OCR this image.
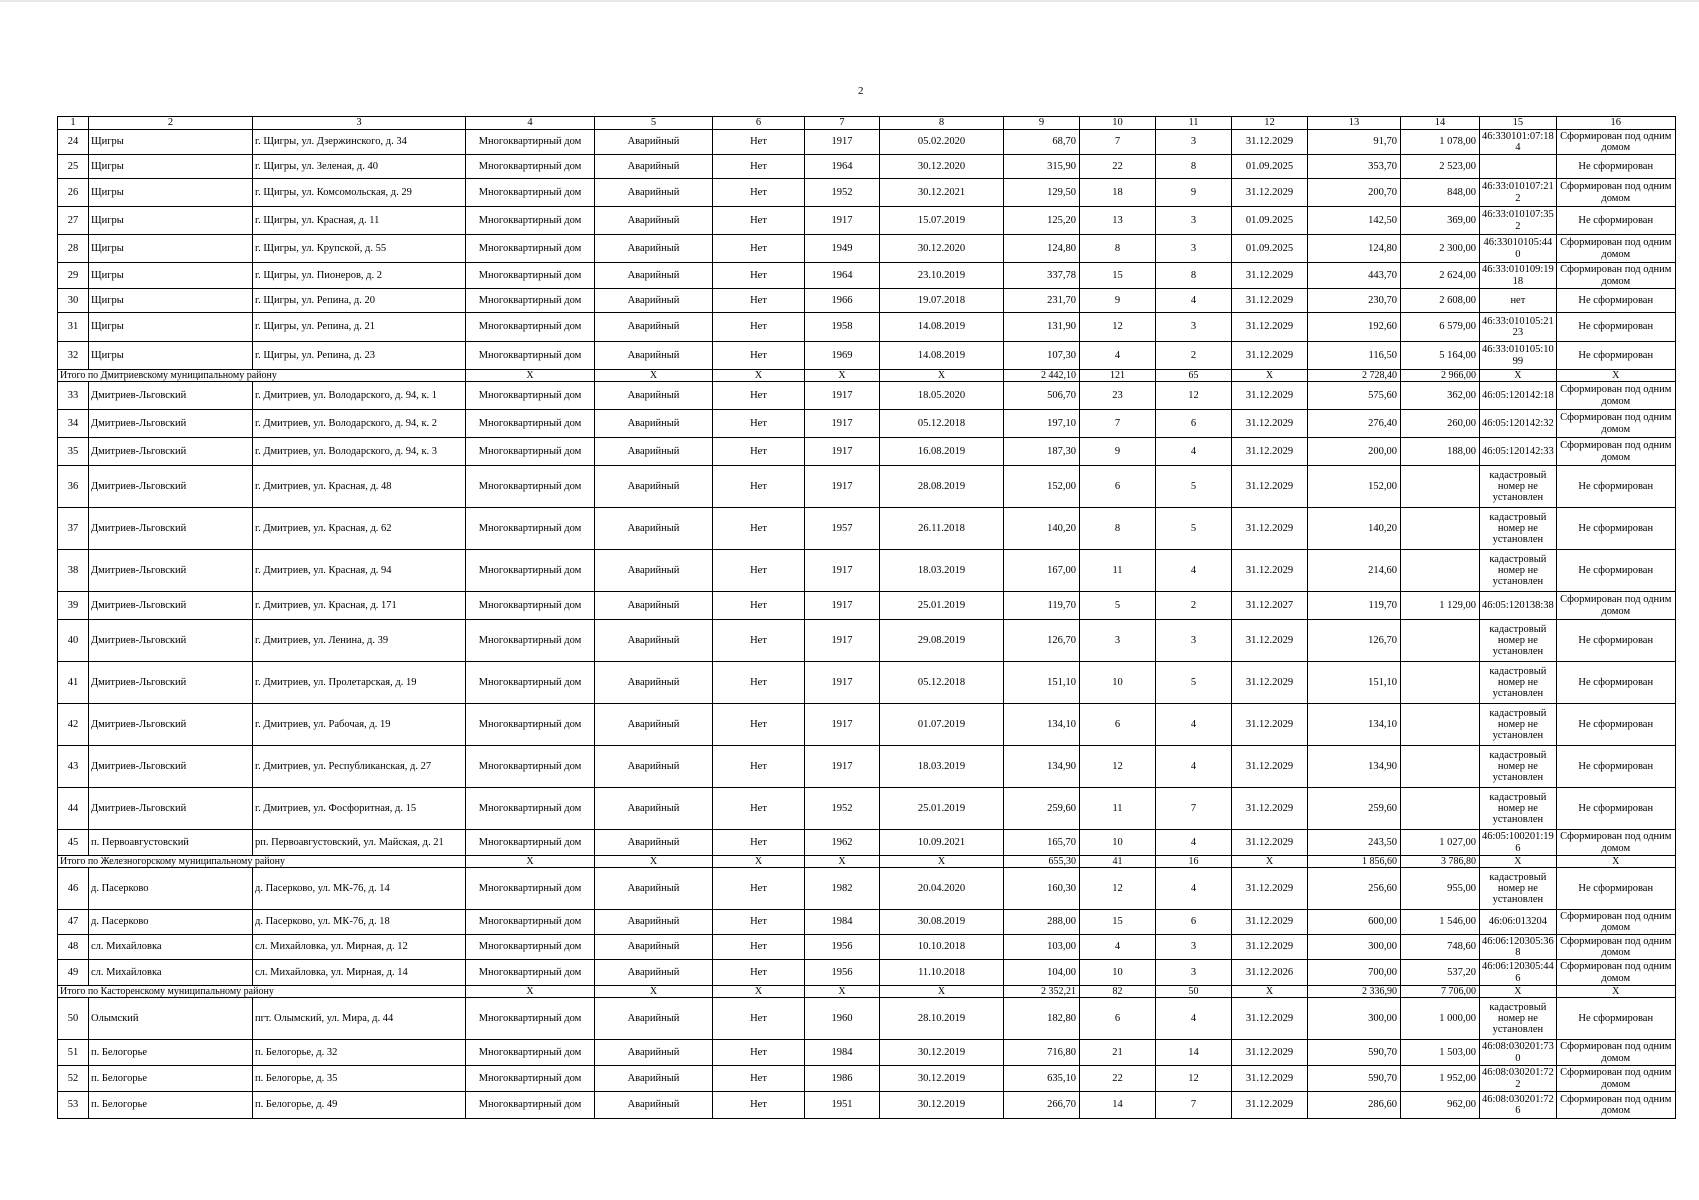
2
1	2	3	4	5	6	7	8	9	10	11	12	13	14	15	16
24	Щигры	г. Щигры, ул. Дзержинского, д. 34	Многоквартирный дом	Аварийный	Нет	1917	05.02.2020	68,70	7	3	31.12.2029	91,70	1 078,00	46:330101:07:18 4	Сформирован под одним домом
25	Щигры	г. Щигры, ул. Зеленая, д. 40	Многоквартирный дом	Аварийный	Нет	1964	30.12.2020	315,90	22	8	01.09.2025	353,70	2 523,00		Не сформирован
26	Щигры	г. Щигры, ул. Комсомольская, д. 29	Многоквартирный дом	Аварийный	Нет	1952	30.12.2021	129,50	18	9	31.12.2029	200,70	848,00	46:33:010107:21 2	Сформирован под одним домом
27	Щигры	г. Щигры, ул. Красная, д. 11	Многоквартирный дом	Аварийный	Нет	1917	15.07.2019	125,20	13	3	01.09.2025	142,50	369,00	46:33:010107:35 2	Не сформирован
28	Щигры	г. Щигры, ул. Крупской, д. 55	Многоквартирный дом	Аварийный	Нет	1949	30.12.2020	124,80	8	3	01.09.2025	124,80	2 300,00	46:33010105:44 0	Сформирован под одним домом
29	Щигры	г. Щигры, ул. Пионеров, д. 2	Многоквартирный дом	Аварийный	Нет	1964	23.10.2019	337,78	15	8	31.12.2029	443,70	2 624,00	46:33:010109:19 18	Сформирован под одним домом
30	Щигры	г. Щигры, ул. Репина, д. 20	Многоквартирный дом	Аварийный	Нет	1966	19.07.2018	231,70	9	4	31.12.2029	230,70	2 608,00	нет	Не сформирован
31	Щигры	г. Щигры, ул. Репина, д. 21	Многоквартирный дом	Аварийный	Нет	1958	14.08.2019	131,90	12	3	31.12.2029	192,60	6 579,00	46:33:010105:21 23	Не сформирован
32	Щигры	г. Щигры, ул. Репина, д. 23	Многоквартирный дом	Аварийный	Нет	1969	14.08.2019	107,30	4	2	31.12.2029	116,50	5 164,00	46:33:010105:10 99	Не сформирован
Итого по Дмитриевскому муниципальному району			X	X	X	X	X	2 442,10	121	65	X	2 728,40	2 966,00	X	X
33	Дмитриев-Льговский	г. Дмитриев, ул. Володарского, д. 94, к. 1	Многоквартирный дом	Аварийный	Нет	1917	18.05.2020	506,70	23	12	31.12.2029	575,60	362,00	46:05:120142:18	Сформирован под одним домом
34	Дмитриев-Льговский	г. Дмитриев, ул. Володарского, д. 94, к. 2	Многоквартирный дом	Аварийный	Нет	1917	05.12.2018	197,10	7	6	31.12.2029	276,40	260,00	46:05:120142:32	Сформирован под одним домом
35	Дмитриев-Льговский	г. Дмитриев, ул. Володарского, д. 94, к. 3	Многоквартирный дом	Аварийный	Нет	1917	16.08.2019	187,30	9	4	31.12.2029	200,00	188,00	46:05:120142:33	Сформирован под одним домом
36	Дмитриев-Льговский	г. Дмитриев, ул. Красная, д. 48	Многоквартирный дом	Аварийный	Нет	1917	28.08.2019	152,00	6	5	31.12.2029	152,00		кадастровый номер не установлен	Не сформирован
37	Дмитриев-Льговский	г. Дмитриев, ул. Красная, д. 62	Многоквартирный дом	Аварийный	Нет	1957	26.11.2018	140,20	8	5	31.12.2029	140,20		кадастровый номер не установлен	Не сформирован
38	Дмитриев-Льговский	г. Дмитриев, ул. Красная, д. 94	Многоквартирный дом	Аварийный	Нет	1917	18.03.2019	167,00	11	4	31.12.2029	214,60		кадастровый номер не установлен	Не сформирован
39	Дмитриев-Льговский	г. Дмитриев, ул. Красная, д. 171	Многоквартирный дом	Аварийный	Нет	1917	25.01.2019	119,70	5	2	31.12.2027	119,70	1 129,00	46:05:120138:38	Сформирован под одним домом
40	Дмитриев-Льговский	г. Дмитриев, ул. Ленина, д. 39	Многоквартирный дом	Аварийный	Нет	1917	29.08.2019	126,70	3	3	31.12.2029	126,70		кадастровый номер не установлен	Не сформирован
41	Дмитриев-Льговский	г. Дмитриев, ул. Пролетарская, д. 19	Многоквартирный дом	Аварийный	Нет	1917	05.12.2018	151,10	10	5	31.12.2029	151,10		кадастровый номер не установлен	Не сформирован
42	Дмитриев-Льговский	г. Дмитриев, ул. Рабочая, д. 19	Многоквартирный дом	Аварийный	Нет	1917	01.07.2019	134,10	6	4	31.12.2029	134,10		кадастровый номер не установлен	Не сформирован
43	Дмитриев-Льговский	г. Дмитриев, ул. Республиканская, д. 27	Многоквартирный дом	Аварийный	Нет	1917	18.03.2019	134,90	12	4	31.12.2029	134,90		кадастровый номер не установлен	Не сформирован
44	Дмитриев-Льговский	г. Дмитриев, ул. Фосфоритная, д. 15	Многоквартирный дом	Аварийный	Нет	1952	25.01.2019	259,60	11	7	31.12.2029	259,60		кадастровый номер не установлен	Не сформирован
45	п. Первоавгустовский	рп. Первоавгустовский, ул. Майская, д. 21	Многоквартирный дом	Аварийный	Нет	1962	10.09.2021	165,70	10	4	31.12.2029	243,50	1 027,00	46:05:100201:19 6	Сформирован под одним домом
Итого по Железногорскому муниципальному району			X	X	X	X	X	655,30	41	16	X	1 856,60	3 786,80	X	X
46	д. Пасерково	д. Пасерково, ул. МК-76, д. 14	Многоквартирный дом	Аварийный	Нет	1982	20.04.2020	160,30	12	4	31.12.2029	256,60	955,00	кадастровый номер не установлен	Не сформирован
47	д. Пасерково	д. Пасерково, ул. МК-76, д. 18	Многоквартирный дом	Аварийный	Нет	1984	30.08.2019	288,00	15	6	31.12.2029	600,00	1 546,00	46:06:013204	Сформирован под одним домом
48	сл. Михайловка	сл. Михайловка, ул. Мирная, д. 12	Многоквартирный дом	Аварийный	Нет	1956	10.10.2018	103,00	4	3	31.12.2029	300,00	748,60	46:06:120305:36 8	Сформирован под одним домом
49	сл. Михайловка	сл. Михайловка, ул. Мирная, д. 14	Многоквартирный дом	Аварийный	Нет	1956	11.10.2018	104,00	10	3	31.12.2026	700,00	537,20	46:06:120305:44 6	Сформирован под одним домом
Итого по Касторенскому муниципальному району			X	X	X	X	X	2 352,21	82	50	X	2 336,90	7 706,00	X	X
50	Олымский	пгт. Олымский, ул. Мира, д. 44	Многоквартирный дом	Аварийный	Нет	1960	28.10.2019	182,80	6	4	31.12.2029	300,00	1 000,00	кадастровый номер не установлен	Не сформирован
51	п. Белогорье	п. Белогорье, д. 32	Многоквартирный дом	Аварийный	Нет	1984	30.12.2019	716,80	21	14	31.12.2029	590,70	1 503,00	46:08:030201:73 0	Сформирован под одним домом
52	п. Белогорье	п. Белогорье, д. 35	Многоквартирный дом	Аварийный	Нет	1986	30.12.2019	635,10	22	12	31.12.2029	590,70	1 952,00	46:08:030201:72 2	Сформирован под одним домом
53	п. Белогорье	п. Белогорье, д. 49	Многоквартирный дом	Аварийный	Нет	1951	30.12.2019	266,70	14	7	31.12.2029	286,60	962,00	46:08:030201:72 6	Сформирован под одним домом
